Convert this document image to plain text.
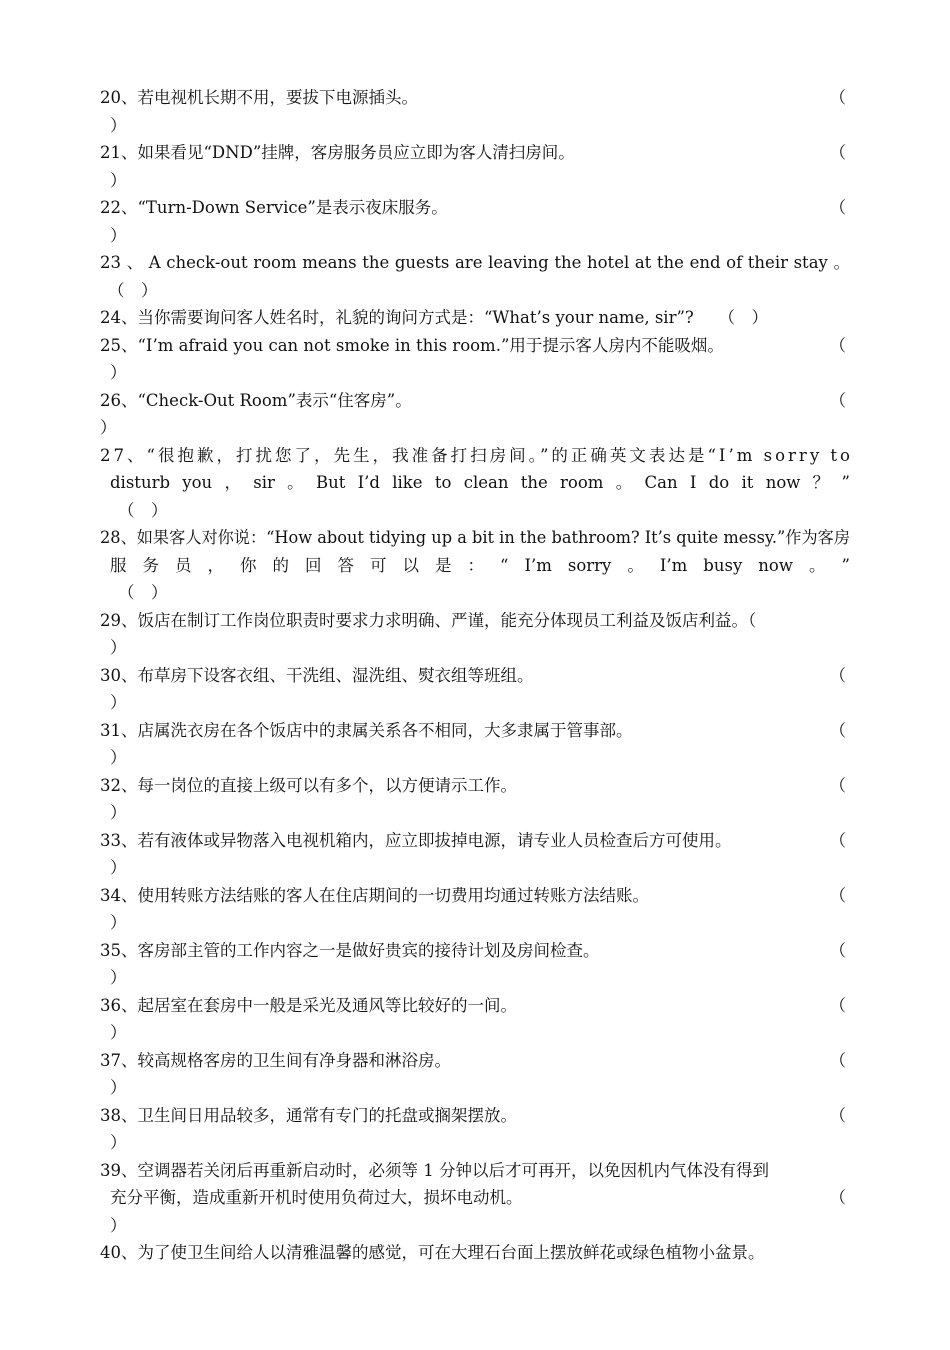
20、若电视机长期不用，要拔下电源插头。	（
）
21、如果看见“DND”挂牌，客房服务员应立即为客人清扫房间。	（
）
22、“Turn-Down Service”是表示夜床服务。	（
）
23 、 A check-out room means the guests are leaving the hotel at the end of their stay 。
（　）
24、当你需要询问客人姓名时，礼貌的询问方式是：“What’s your name, sir”?　　（　）
25、“I’m afraid you can not smoke in this room.”用于提示客人房内不能吸烟。	（
）
26、“Check-Out Room”表示“住客房”。	（
）
27、“很抱歉，打扰您了，先生，我准备打扫房间。”的正确英文表达是“I’m sorry to
disturb you ， sir 。 But I’d like to clean the room 。 Can I do it now ？ ”
（　）
28、如果客人对你说：“How about tidying up a bit in the bathroom? It’s quite messy.”作为客房
服 务 员 ， 你 的 回 答 可 以 是 ： “ I’m sorry 。 I’m busy now 。 ”
（　）
29、饭店在制订工作岗位职责时要求力求明确、严谨，能充分体现员工利益及饭店利益。（
）
30、布草房下设客衣组、干洗组、湿洗组、熨衣组等班组。	（
）
31、店属洗衣房在各个饭店中的隶属关系各不相同，大多隶属于管事部。	（
）
32、每一岗位的直接上级可以有多个，以方便请示工作。	（
）
33、若有液体或异物落入电视机箱内，应立即拔掉电源，请专业人员检查后方可使用。	（
）
34、使用转账方法结账的客人在住店期间的一切费用均通过转账方法结账。	（
）
35、客房部主管的工作内容之一是做好贵宾的接待计划及房间检查。	（
）
36、起居室在套房中一般是采光及通风等比较好的一间。	（
）
37、较高规格客房的卫生间有净身器和淋浴房。	（
）
38、卫生间日用品较多，通常有专门的托盘或搁架摆放。	（
）
39、空调器若关闭后再重新启动时，必须等 1 分钟以后才可再开，以免因机内气体没有得到
充分平衡，造成重新开机时使用负荷过大，损坏电动机。	（
）
40、为了使卫生间给人以清雅温馨的感觉，可在大理石台面上摆放鲜花或绿色植物小盆景。
